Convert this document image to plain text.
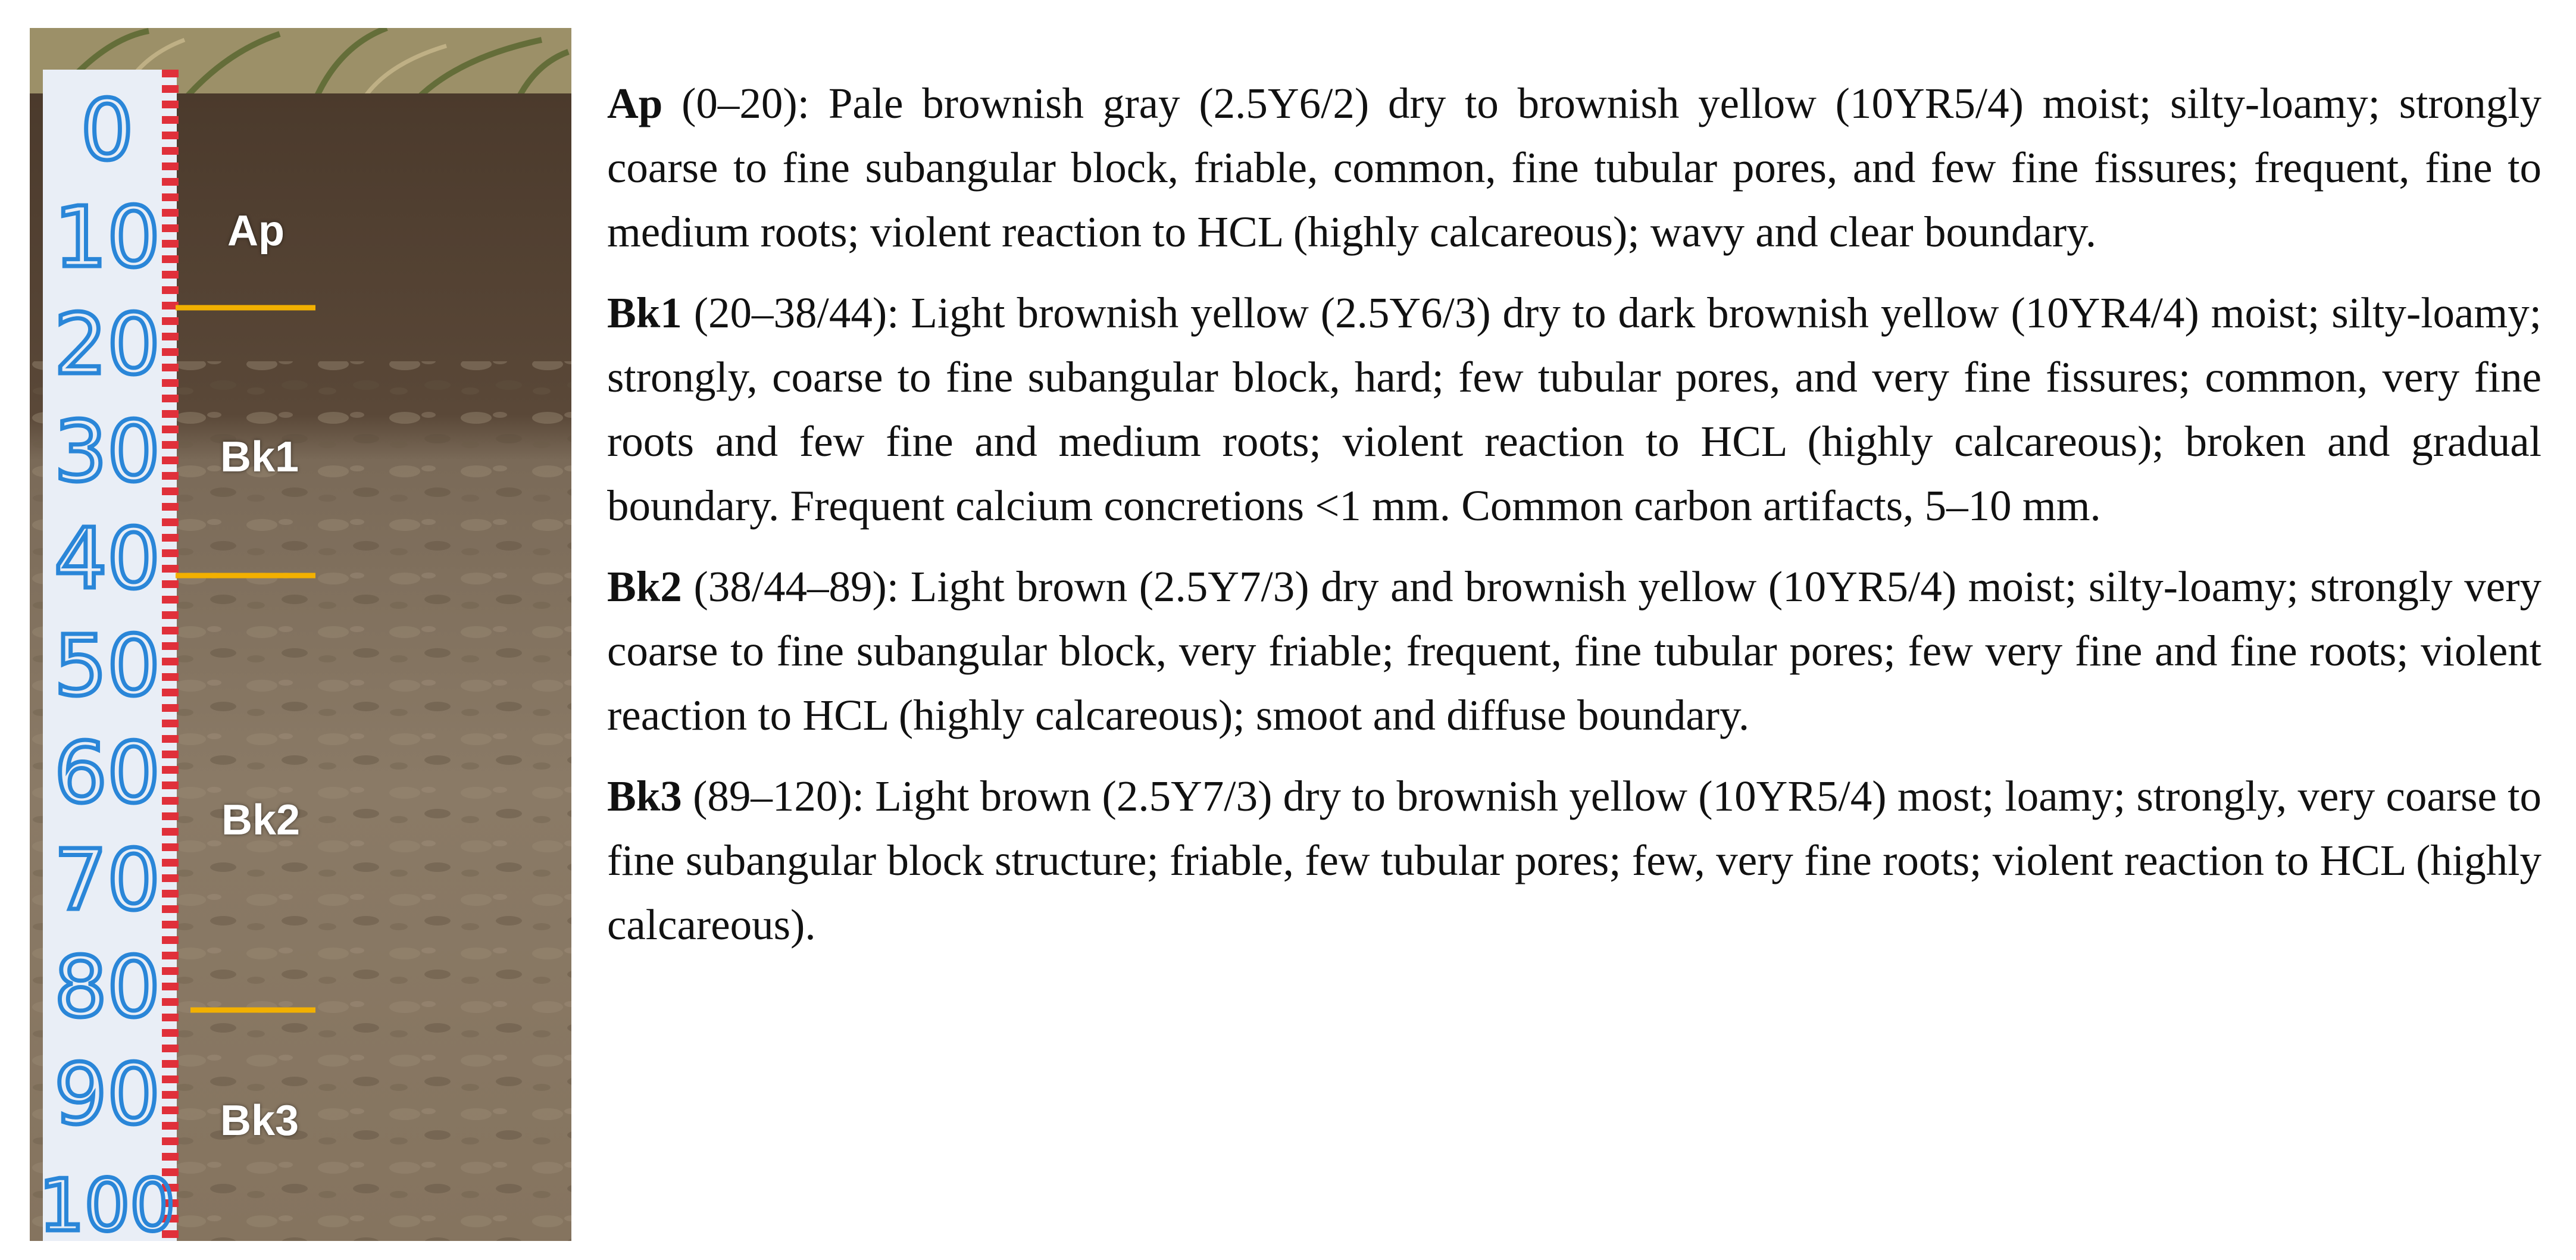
0
10
20
30
40
50
60
70
80
90
100
Ap
Bk1
Bk2
Bk3

Ap (0–20): Pale brownish gray (2.5Y6/2) dry to brownish yellow (10YR5/4) moist; silty-loamy; strongly coarse to fine subangular block, friable, common, fine tubular pores, and few fine fissures; frequent, fine to medium roots; violent reaction to HCL (highly calcareous); wavy and clear boundary.

Bk1 (20–38/44): Light brownish yellow (2.5Y6/3) dry to dark brownish yellow (10YR4/4) moist; silty-loamy; strongly, coarse to fine subangular block, hard; few tubular pores, and very fine fissures; common, very fine roots and few fine and medium roots; violent reaction to HCL (highly calcareous); broken and gradual boundary. Frequent calcium concretions <1 mm. Common carbon artifacts, 5–10 mm.

Bk2 (38/44–89): Light brown (2.5Y7/3) dry and brownish yellow (10YR5/4) moist; silty-loamy; strongly very coarse to fine subangular block, very friable; frequent, fine tubular pores; few very fine and fine roots; violent reaction to HCL (highly calcareous); smoot and diffuse boundary.

Bk3 (89–120): Light brown (2.5Y7/3) dry to brownish yellow (10YR5/4) most; loamy; strongly, very coarse to fine subangular block structure; friable, few tubular pores; few, very fine roots; violent reaction to HCL (highly calcareous).
